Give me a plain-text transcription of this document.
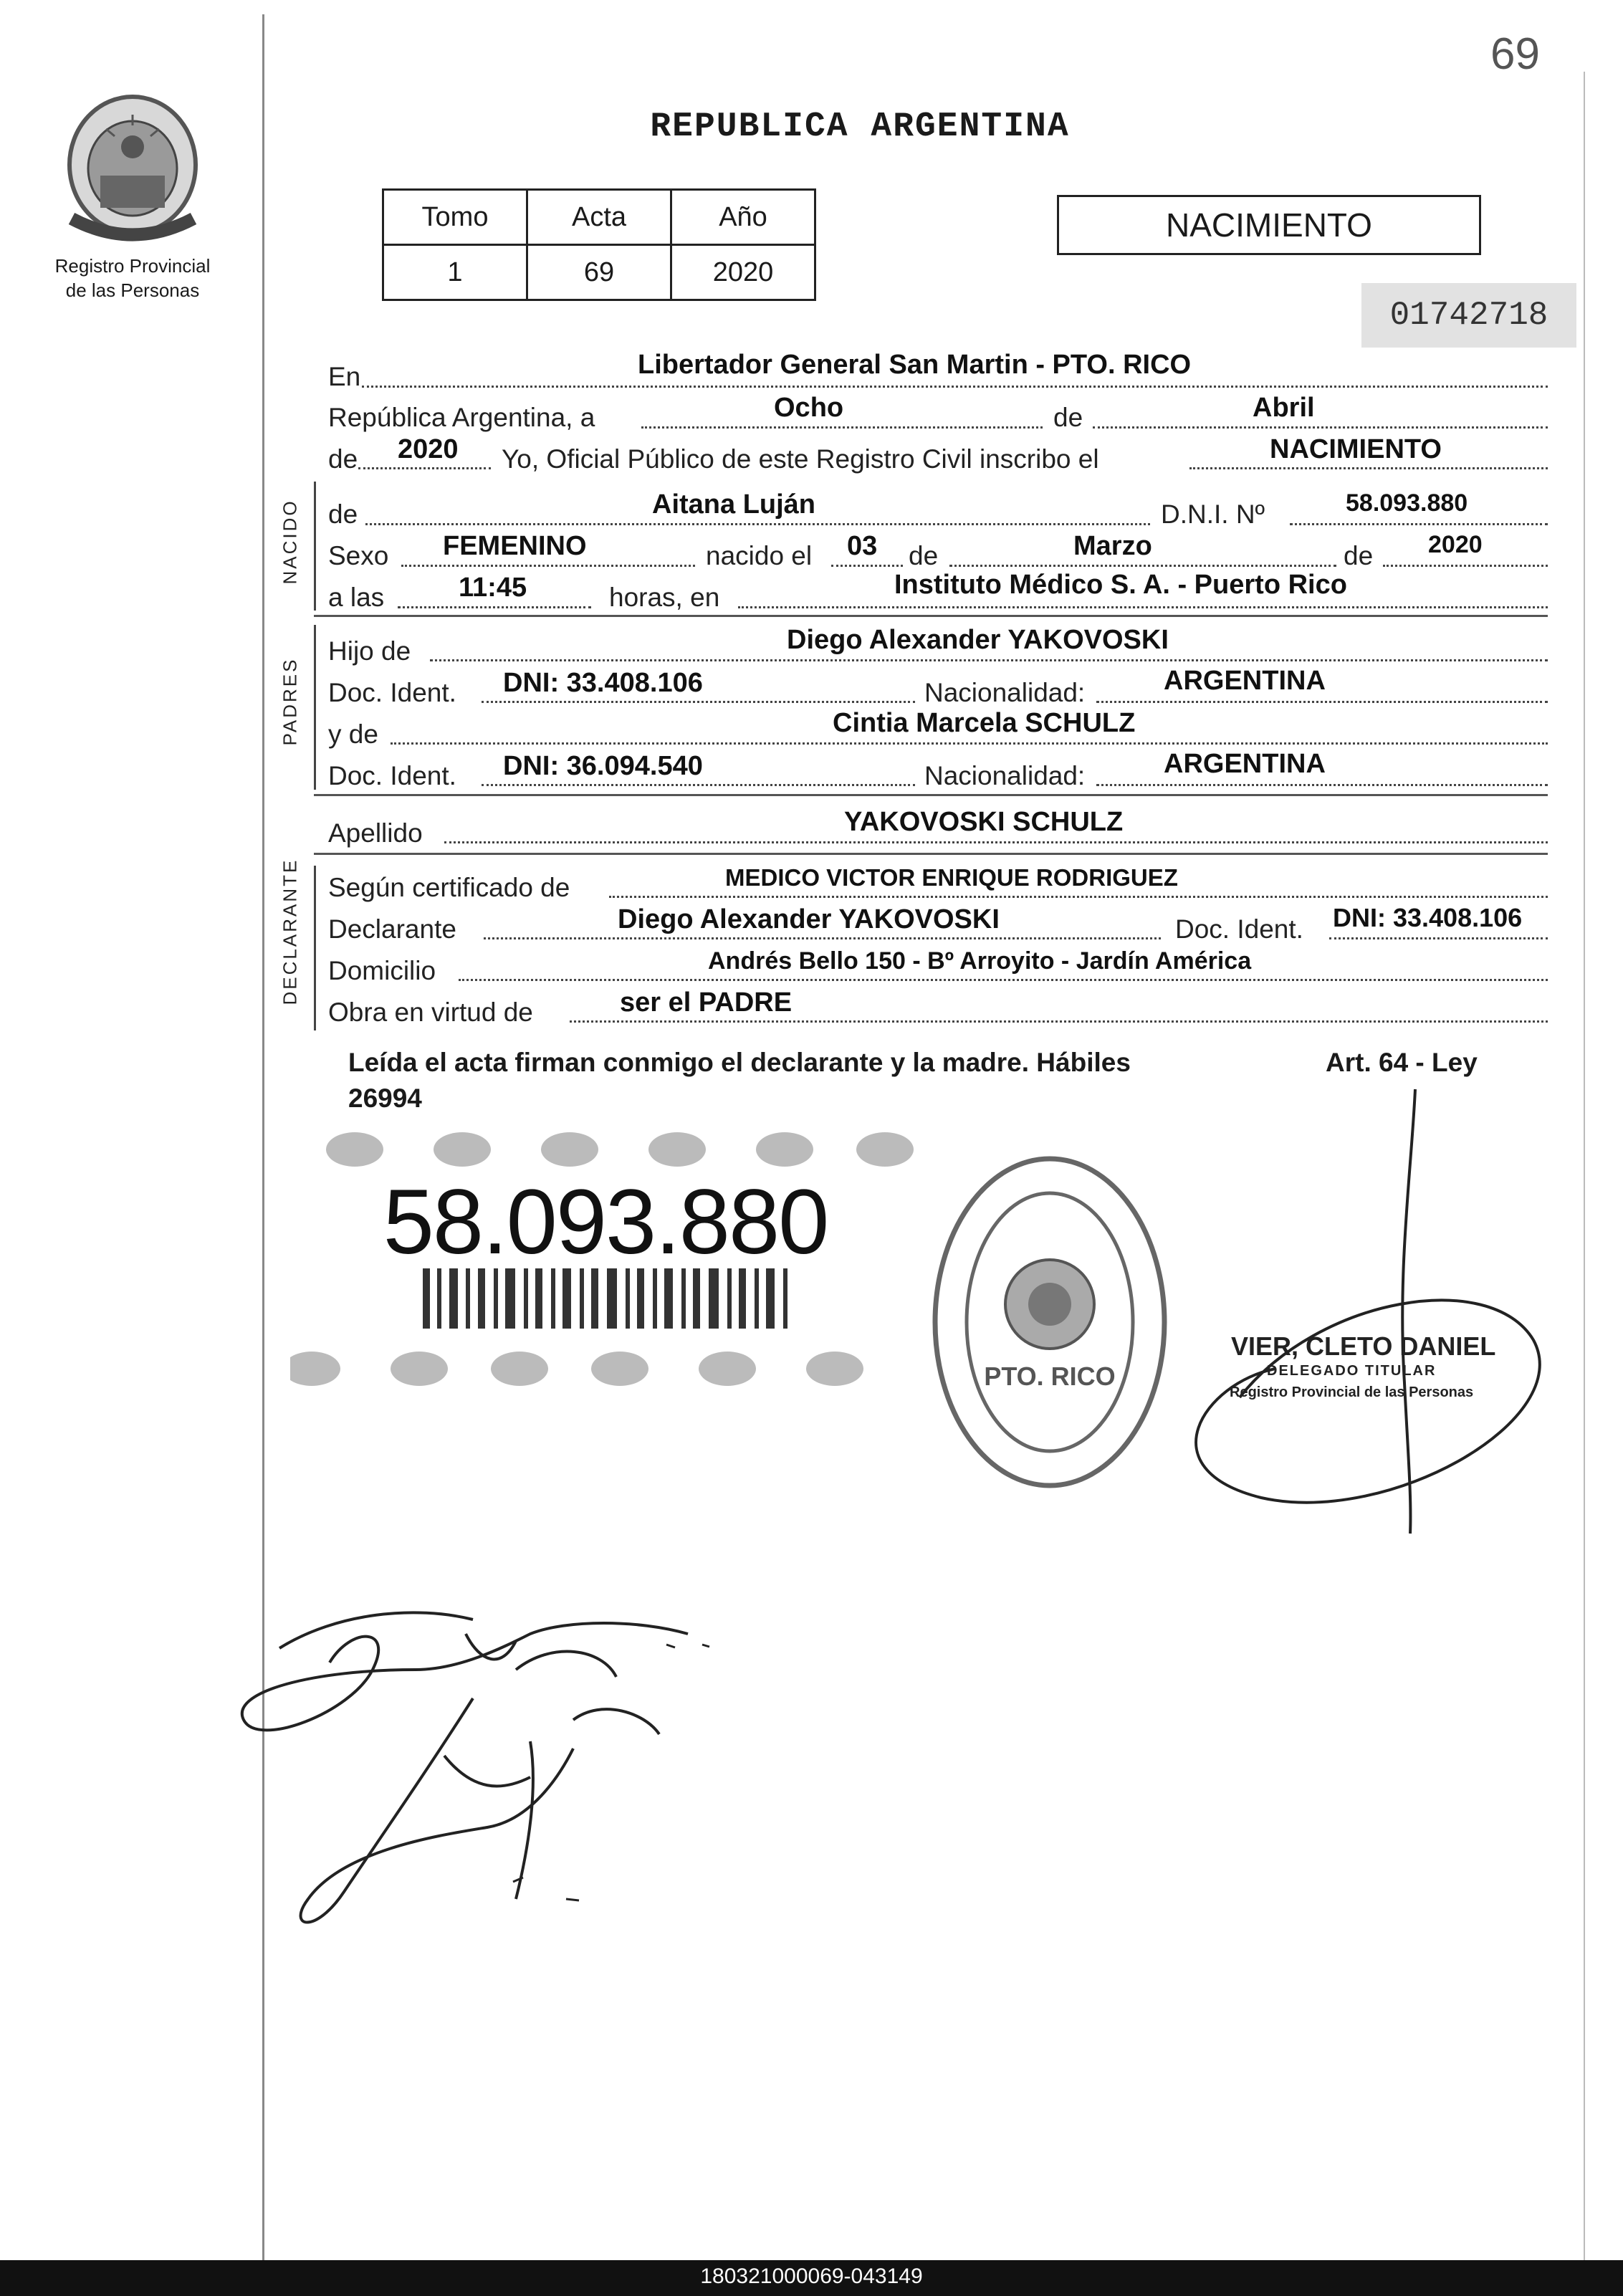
69
Registro Provincial
de las Personas
REPUBLICA ARGENTINA
Tomo	Acta	Año
1	69	2020
NACIMIENTO
01742718
En	Libertador General San Martin - PTO. RICO
República Argentina, a	Ocho	de	Abril
de 2020 Yo, Oficial Público de este Registro Civil inscribo el	NACIMIENTO
NACIDO de	Aitana Luján	D.N.I. Nº	58.093.880
Sexo FEMENINO	nacido el 03 de	Marzo	de 2020
a las	11:45	horas, en	Instituto Médico S. A. - Puerto Rico
PADRES
Hijo de	Diego Alexander YAKOVOSKI
Doc. Ident. DNI: 33.408.106	Nacionalidad:	ARGENTINA
y de	Cintia Marcela SCHULZ
Doc. Ident. DNI: 36.094.540	Nacionalidad:	ARGENTINA
Apellido	YAKOVOSKI SCHULZ
DECLARANTE Según certificado de	MEDICO VICTOR ENRIQUE RODRIGUEZ
Declarante	Diego Alexander YAKOVOSKI	Doc. Ident. DNI: 33.408.106
Domicilio	Andrés Bello 150 - Bº Arroyito - Jardín América
Obra en virtud de	ser el PADRE
Leída el acta firman conmigo el declarante y la madre. Hábiles	Art. 64 - Ley
26994
58.093.880
PTO. RICO
VIER, CLETO DANIEL
DELEGADO TITULAR
Registro Provincial de las Personas
180321000069-043149
